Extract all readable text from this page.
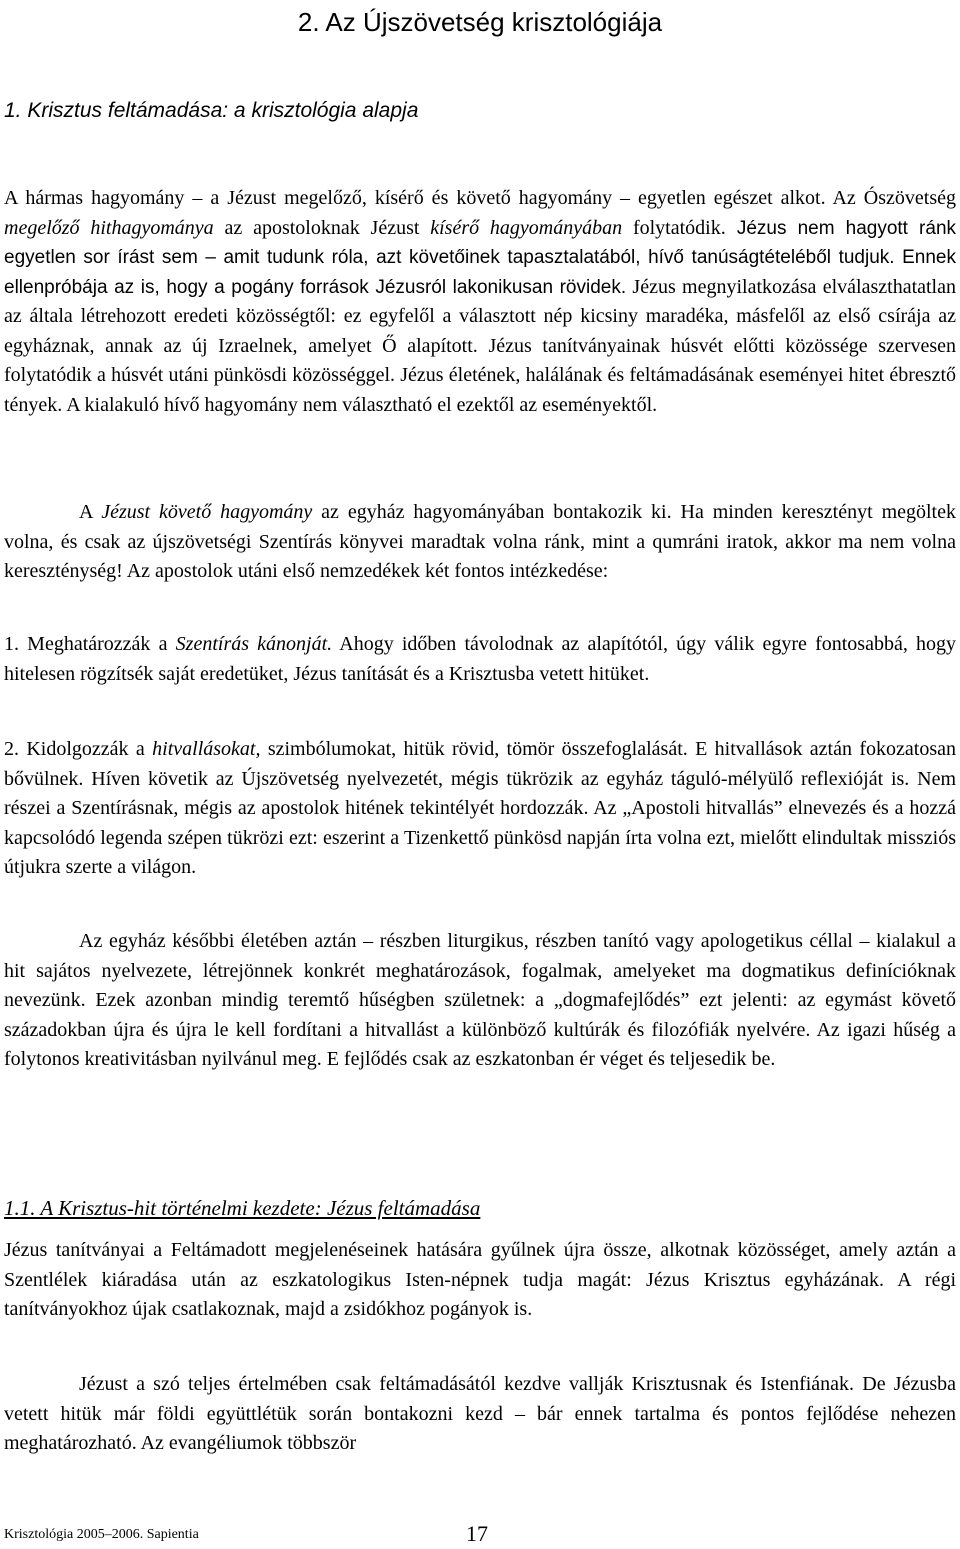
2. Az Újszövetség krisztológiája
1. Krisztus feltámadása: a krisztológia alapja

A hármas hagyomány – a Jézust megelőző, kísérő és követő hagyomány – egyetlen egészet alkot. Az Ószövetség megelőző hithagyománya az apostoloknak Jézust kísérő hagyományában folytatódik. Jézus nem hagyott ránk egyetlen sor írást sem – amit tudunk róla, azt követőinek tapasztalatából, hívő tanúságtételéből tudjuk. Ennek ellenpróbája az is, hogy a pogány források Jézusról lakonikusan rövidek. Jézus megnyilatkozása elválaszthatatlan az általa létrehozott eredeti közösségtől: ez egyfelől a választott nép kicsiny maradéka, másfelől az első csírája az egyháznak, annak az új Izraelnek, amelyet Ő alapított. Jézus tanítványainak húsvét előtti közössége szervesen folytatódik a húsvét utáni pünkösdi közösséggel. Jézus életének, halálának és feltámadásának eseményei hitet ébresztő tények. A kialakuló hívő hagyomány nem választható el ezektől az eseményektől.

A Jézust követő hagyomány az egyház hagyományában bontakozik ki. Ha minden keresztényt megöltek volna, és csak az újszövetségi Szentírás könyvei maradtak volna ránk, mint a qumráni iratok, akkor ma nem volna kereszténység! Az apostolok utáni első nemzedékek két fontos intézkedése:

1. Meghatározzák a Szentírás kánonját. Ahogy időben távolodnak az alapítótól, úgy válik egyre fontosabbá, hogy hitelesen rögzítsék saját eredetüket, Jézus tanítását és a Krisztusba vetett hitüket.

2. Kidolgozzák a hitvallásokat, szimbólumokat, hitük rövid, tömör összefoglalását. E hitvallások aztán fokozatosan bővülnek. Híven követik az Újszövetség nyelvezetét, mégis tükrözik az egyház táguló-mélyülő reflexióját is. Nem részei a Szentírásnak, mégis az apostolok hitének tekintélyét hordozzák. Az „Apostoli hitvallás” elnevezés és a hozzá kapcsolódó legenda szépen tükrözi ezt: eszerint a Tizenkettő pünkösd napján írta volna ezt, mielőtt elindultak missziós útjukra szerte a világon.

Az egyház későbbi életében aztán – részben liturgikus, részben tanító vagy apologetikus céllal – kialakul a hit sajátos nyelvezete, létrejönnek konkrét meghatározások, fogalmak, amelyeket ma dogmatikus definícióknak nevezünk. Ezek azonban mindig teremtő hűségben születnek: a „dogmafejlődés” ezt jelenti: az egymást követő századokban újra és újra le kell fordítani a hitvallást a különböző kultúrák és filozófiák nyelvére. Az igazi hűség a folytonos kreativitásban nyilvánul meg. E fejlődés csak az eszkatonban ér véget és teljesedik be.

1.1. A Krisztus-hit történelmi kezdete: Jézus feltámadása

Jézus tanítványai a Feltámadott megjelenéseinek hatására gyűlnek újra össze, alkotnak közösséget, amely aztán a Szentlélek kiáradása után az eszkatologikus Isten-népnek tudja magát: Jézus Krisztus egyházának. A régi tanítványokhoz újak csatlakoznak, majd a zsidókhoz pogányok is.

Jézust a szó teljes értelmében csak feltámadásától kezdve vallják Krisztusnak és Istenfiának. De Jézusba vetett hitük már földi együttlétük során bontakozni kezd – bár ennek tartalma és pontos fejlődése nehezen meghatározható. Az evangéliumok többször

Krisztológia 2005–2006. Sapientia	17
